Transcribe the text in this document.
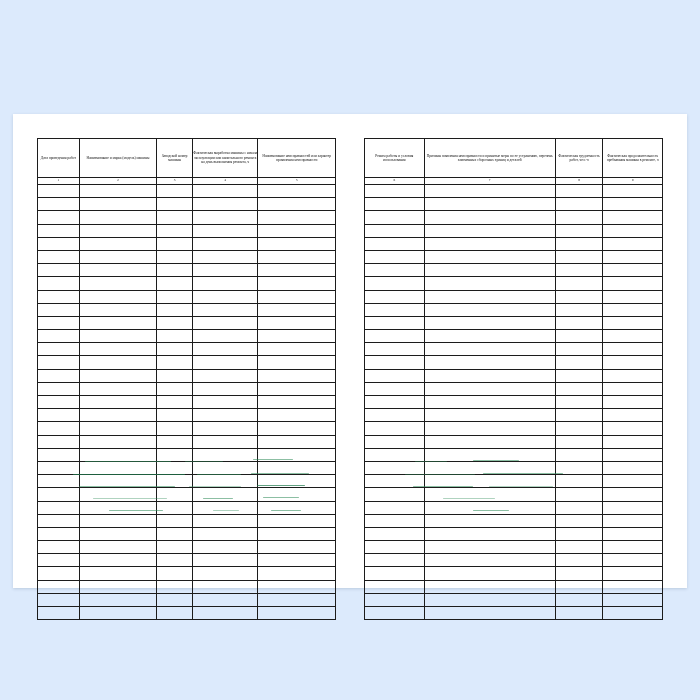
Дата проведения работ	Наименование и марка (модель) машины	Заводской номер машины	Фактическая выработка машины с начала эксплуатации или капитального ремонта на день выполнения ремонта, ч	Наименование неисправностей или характер проявления неисправности

1	2	3	4	5

Режим работы и условия использования	Причины появления неисправности и принятые меры по ее устранению, перечень замененных сборочных единиц и деталей	Фактическая трудоемкость работ, чел.-ч	Фактическая продолжительность пребывания машины в ремонте, ч

6	7	8	9
